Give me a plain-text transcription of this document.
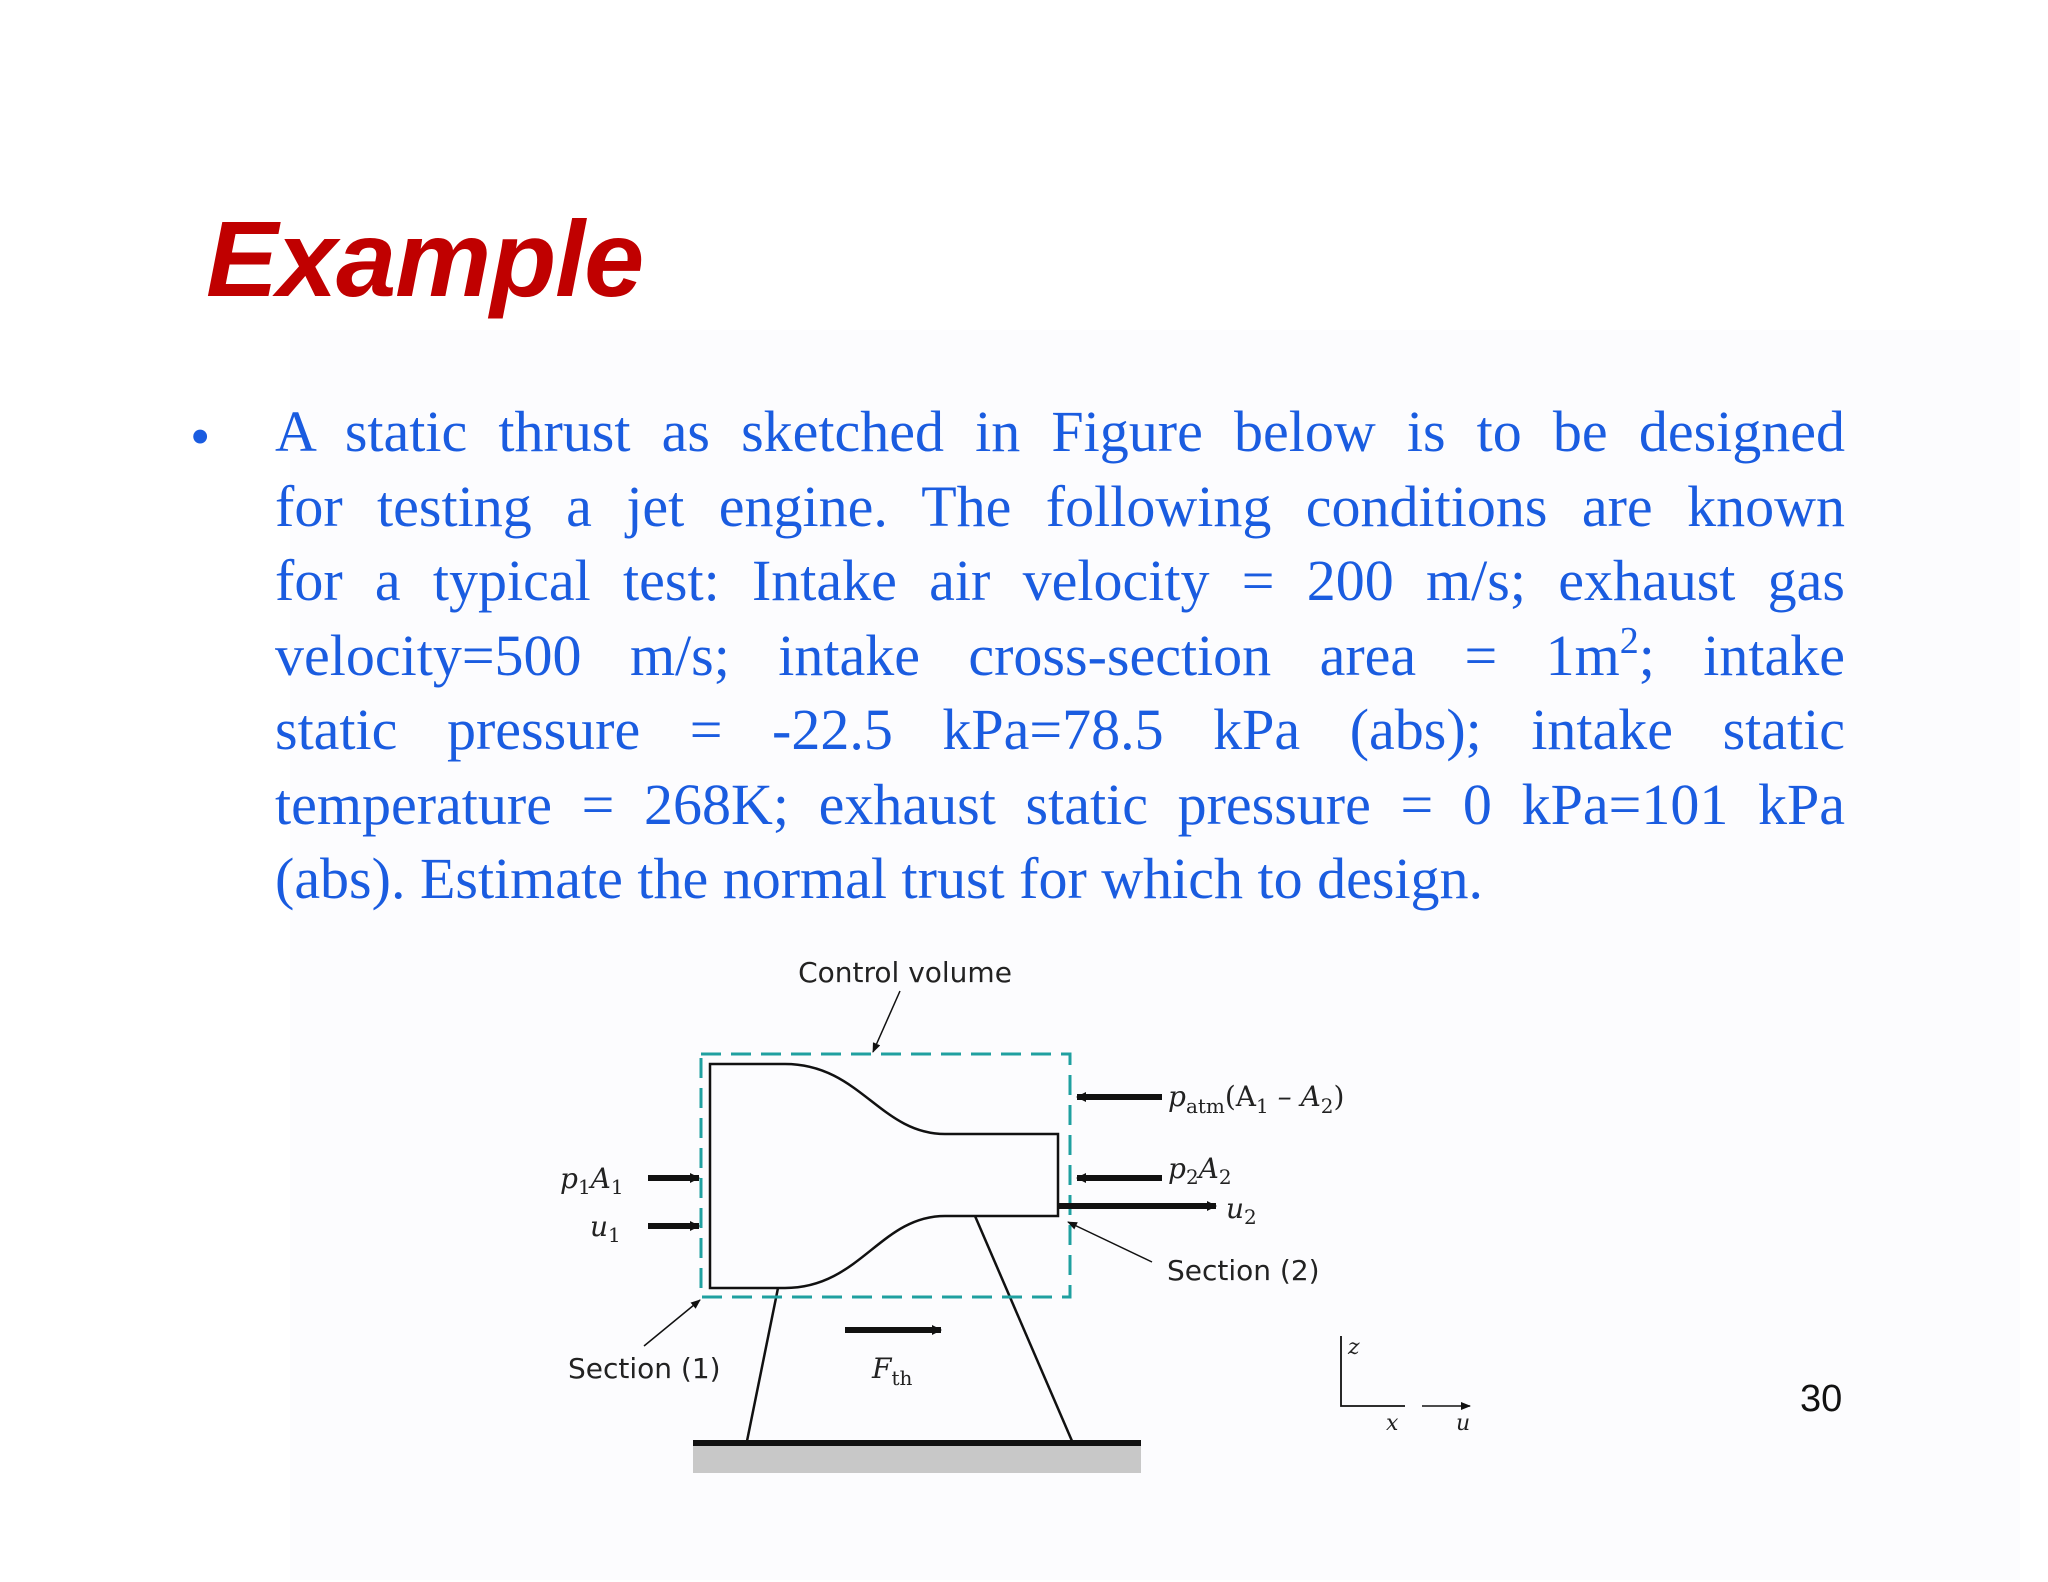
Example
• A static thrust as sketched in Figure below is to be designed
for testing a jet engine. The following conditions are known
for a typical test: Intake air velocity = 200 m/s; exhaust gas
velocity=500 m/s; intake cross-section area = $1m^2$; intake
static pressure = -22.5 kPa=78.5 kPa (abs); intake static
temperature = 268K; exhaust static pressure = 0 kPa=101 kPa
(abs). Estimate the normal trust for which to design.
Control volume
$p_1A_1$
$u_1$
$p_{atm}(A_1 - A_2)$
$p_2A_2$
$u_2$
Section (2)
Section (1)	$F_{th}$
z
x	u
30
